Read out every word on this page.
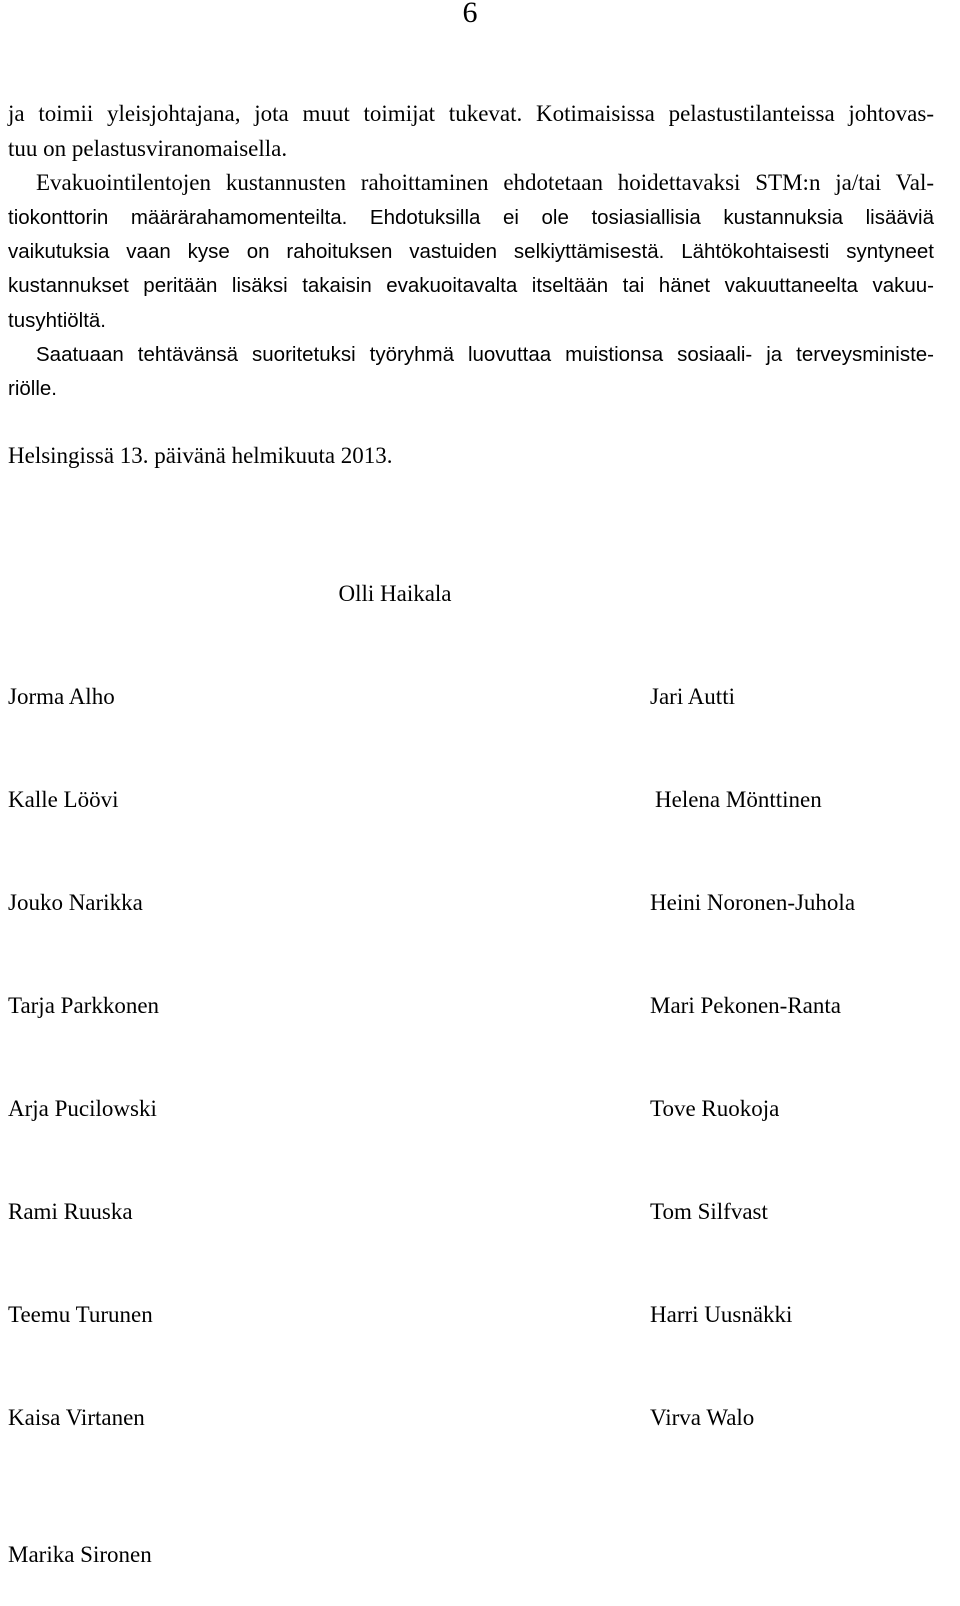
6
ja toimii yleisjohtajana, jota muut toimijat tukevat. Kotimaisissa pelastustilanteissa johtovas-
tuu on pelastusviranomaisella.
Evakuointilentojen kustannusten rahoittaminen ehdotetaan hoidettavaksi STM:n ja/tai Val-
tiokonttorin määrärahamomenteilta. Ehdotuksilla ei ole tosiasiallisia kustannuksia lisääviä
vaikutuksia vaan kyse on rahoituksen vastuiden selkiyttämisestä. Lähtökohtaisesti syntyneet
kustannukset peritään lisäksi takaisin evakuoitavalta itseltään tai hänet vakuuttaneelta vakuu-
tusyhtiöltä.
Saatuaan tehtävänsä suoritetuksi työryhmä luovuttaa muistionsa sosiaali- ja terveysministe-
riölle.
Helsingissä 13. päivänä helmikuuta 2013.
Olli Haikala
Jorma Alho	Jari Autti
Kalle Löövi	Helena Mönttinen
Jouko Narikka	Heini Noronen-Juhola
Tarja Parkkonen	Mari Pekonen-Ranta
Arja Pucilowski	Tove Ruokoja
Rami Ruuska	Tom Silfvast
Teemu Turunen	Harri Uusnäkki
Kaisa Virtanen	Virva Walo
Marika Sironen
